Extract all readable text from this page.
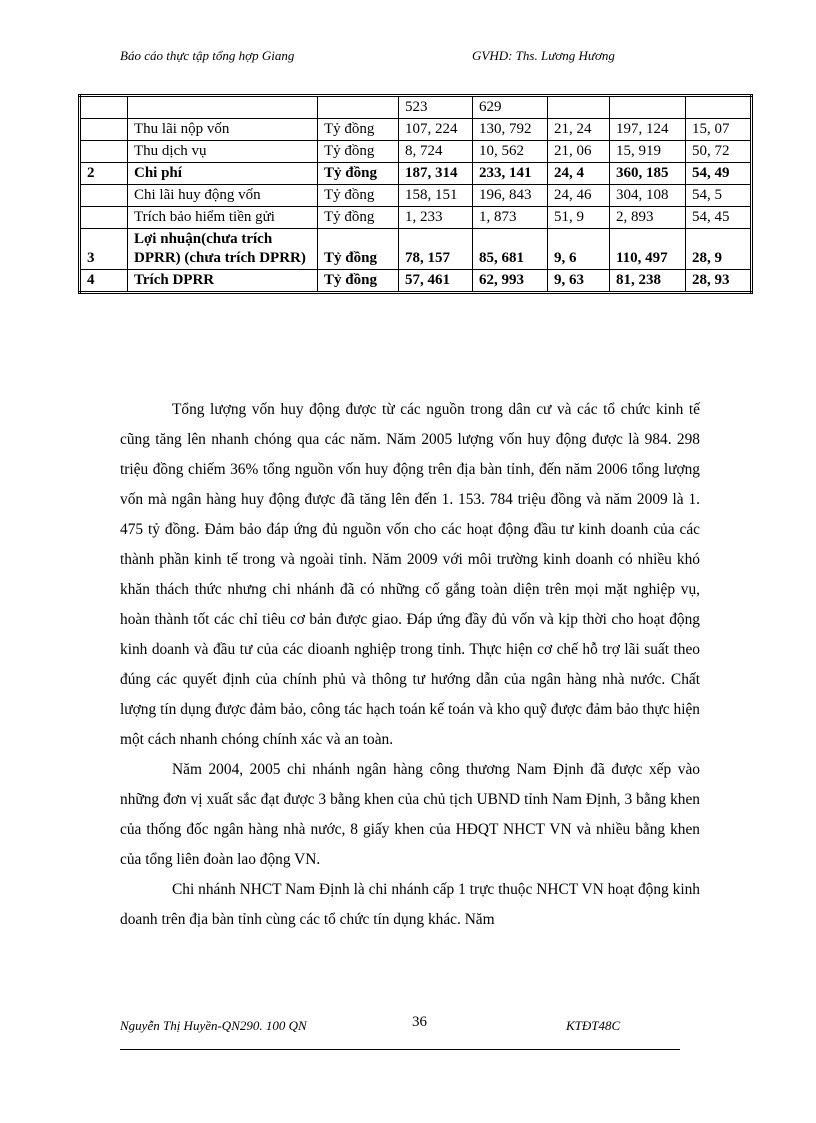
Báo cáo thực tập tổng hợp Giang	GVHD: Ths. Lương Hương
			523	629			
	Thu lãi nộp vốn	Tỷ đồng	107, 224	130, 792	21, 24	197, 124	15, 07
	Thu dịch vụ	Tỷ đồng	8, 724	10, 562	21, 06	15, 919	50, 72
2	Chi phí	Tỷ đồng	187, 314	233, 141	24, 4	360, 185	54, 49
	Chi lãi huy động vốn	Tỷ đồng	158, 151	196, 843	24, 46	304, 108	54, 5
	Trích bảo hiểm tiền gửi	Tỷ đồng	1, 233	1, 873	51, 9	2, 893	54, 45
3	Lợi nhuận(chưa trích DPRR) (chưa trích DPRR)	Tỷ đồng	78, 157	85, 681	9, 6	110, 497	28, 9
4	Trích DPRR	Tỷ đồng	57, 461	62, 993	9, 63	81, 238	28, 93

Tổng lượng vốn huy động được từ các nguồn trong dân cư và các tổ chức kinh tế cũng tăng lên nhanh chóng qua các năm. Năm 2005 lượng vốn huy động được là 984. 298 triệu đồng chiếm 36% tổng nguồn vốn huy động trên địa bàn tỉnh, đến năm 2006 tổng lượng vốn mà ngân hàng huy động được đã tăng lên đến 1. 153. 784 triệu đồng và năm 2009 là 1. 475 tỷ đồng. Đảm bảo đáp ứng đủ nguồn vốn cho các hoạt động đầu tư kinh doanh của các thành phần kinh tế trong và ngoài tỉnh. Năm 2009 với môi trường kinh doanh có nhiều khó khăn thách thức nhưng chi nhánh đã có những cố gắng toàn diện trên mọi mặt nghiệp vụ, hoàn thành tốt các chỉ tiêu cơ bản được giao. Đáp ứng đầy đủ vốn và kịp thời cho hoạt động kinh doanh và đầu tư của các dioanh nghiệp trong tỉnh. Thực hiện cơ chế hỗ trợ lãi suất theo đúng các quyết định của chính phủ và thông tư hướng dẫn của ngân hàng nhà nước. Chất lượng tín dụng được đảm bảo, công tác hạch toán kế toán và kho quỹ được đảm bảo thực hiện một cách nhanh chóng chính xác và an toàn.

Năm 2004, 2005 chi nhánh ngân hàng công thương Nam Định đã được xếp vào những đơn vị xuất sắc đạt được 3 bằng khen của chủ tịch UBND tỉnh Nam Định, 3 bằng khen của thống đốc ngân hàng nhà nước, 8 giấy khen của HĐQT NHCT VN và nhiều bằng khen của tổng liên đoàn lao động VN.

Chi nhánh NHCT Nam Định là chi nhánh cấp 1 trực thuộc NHCT VN hoạt động kinh doanh trên địa bàn tỉnh cùng các tổ chức tín dụng khác. Năm

Nguyễn Thị Huyền-QN290. 100 QN	36	KTĐT48C
